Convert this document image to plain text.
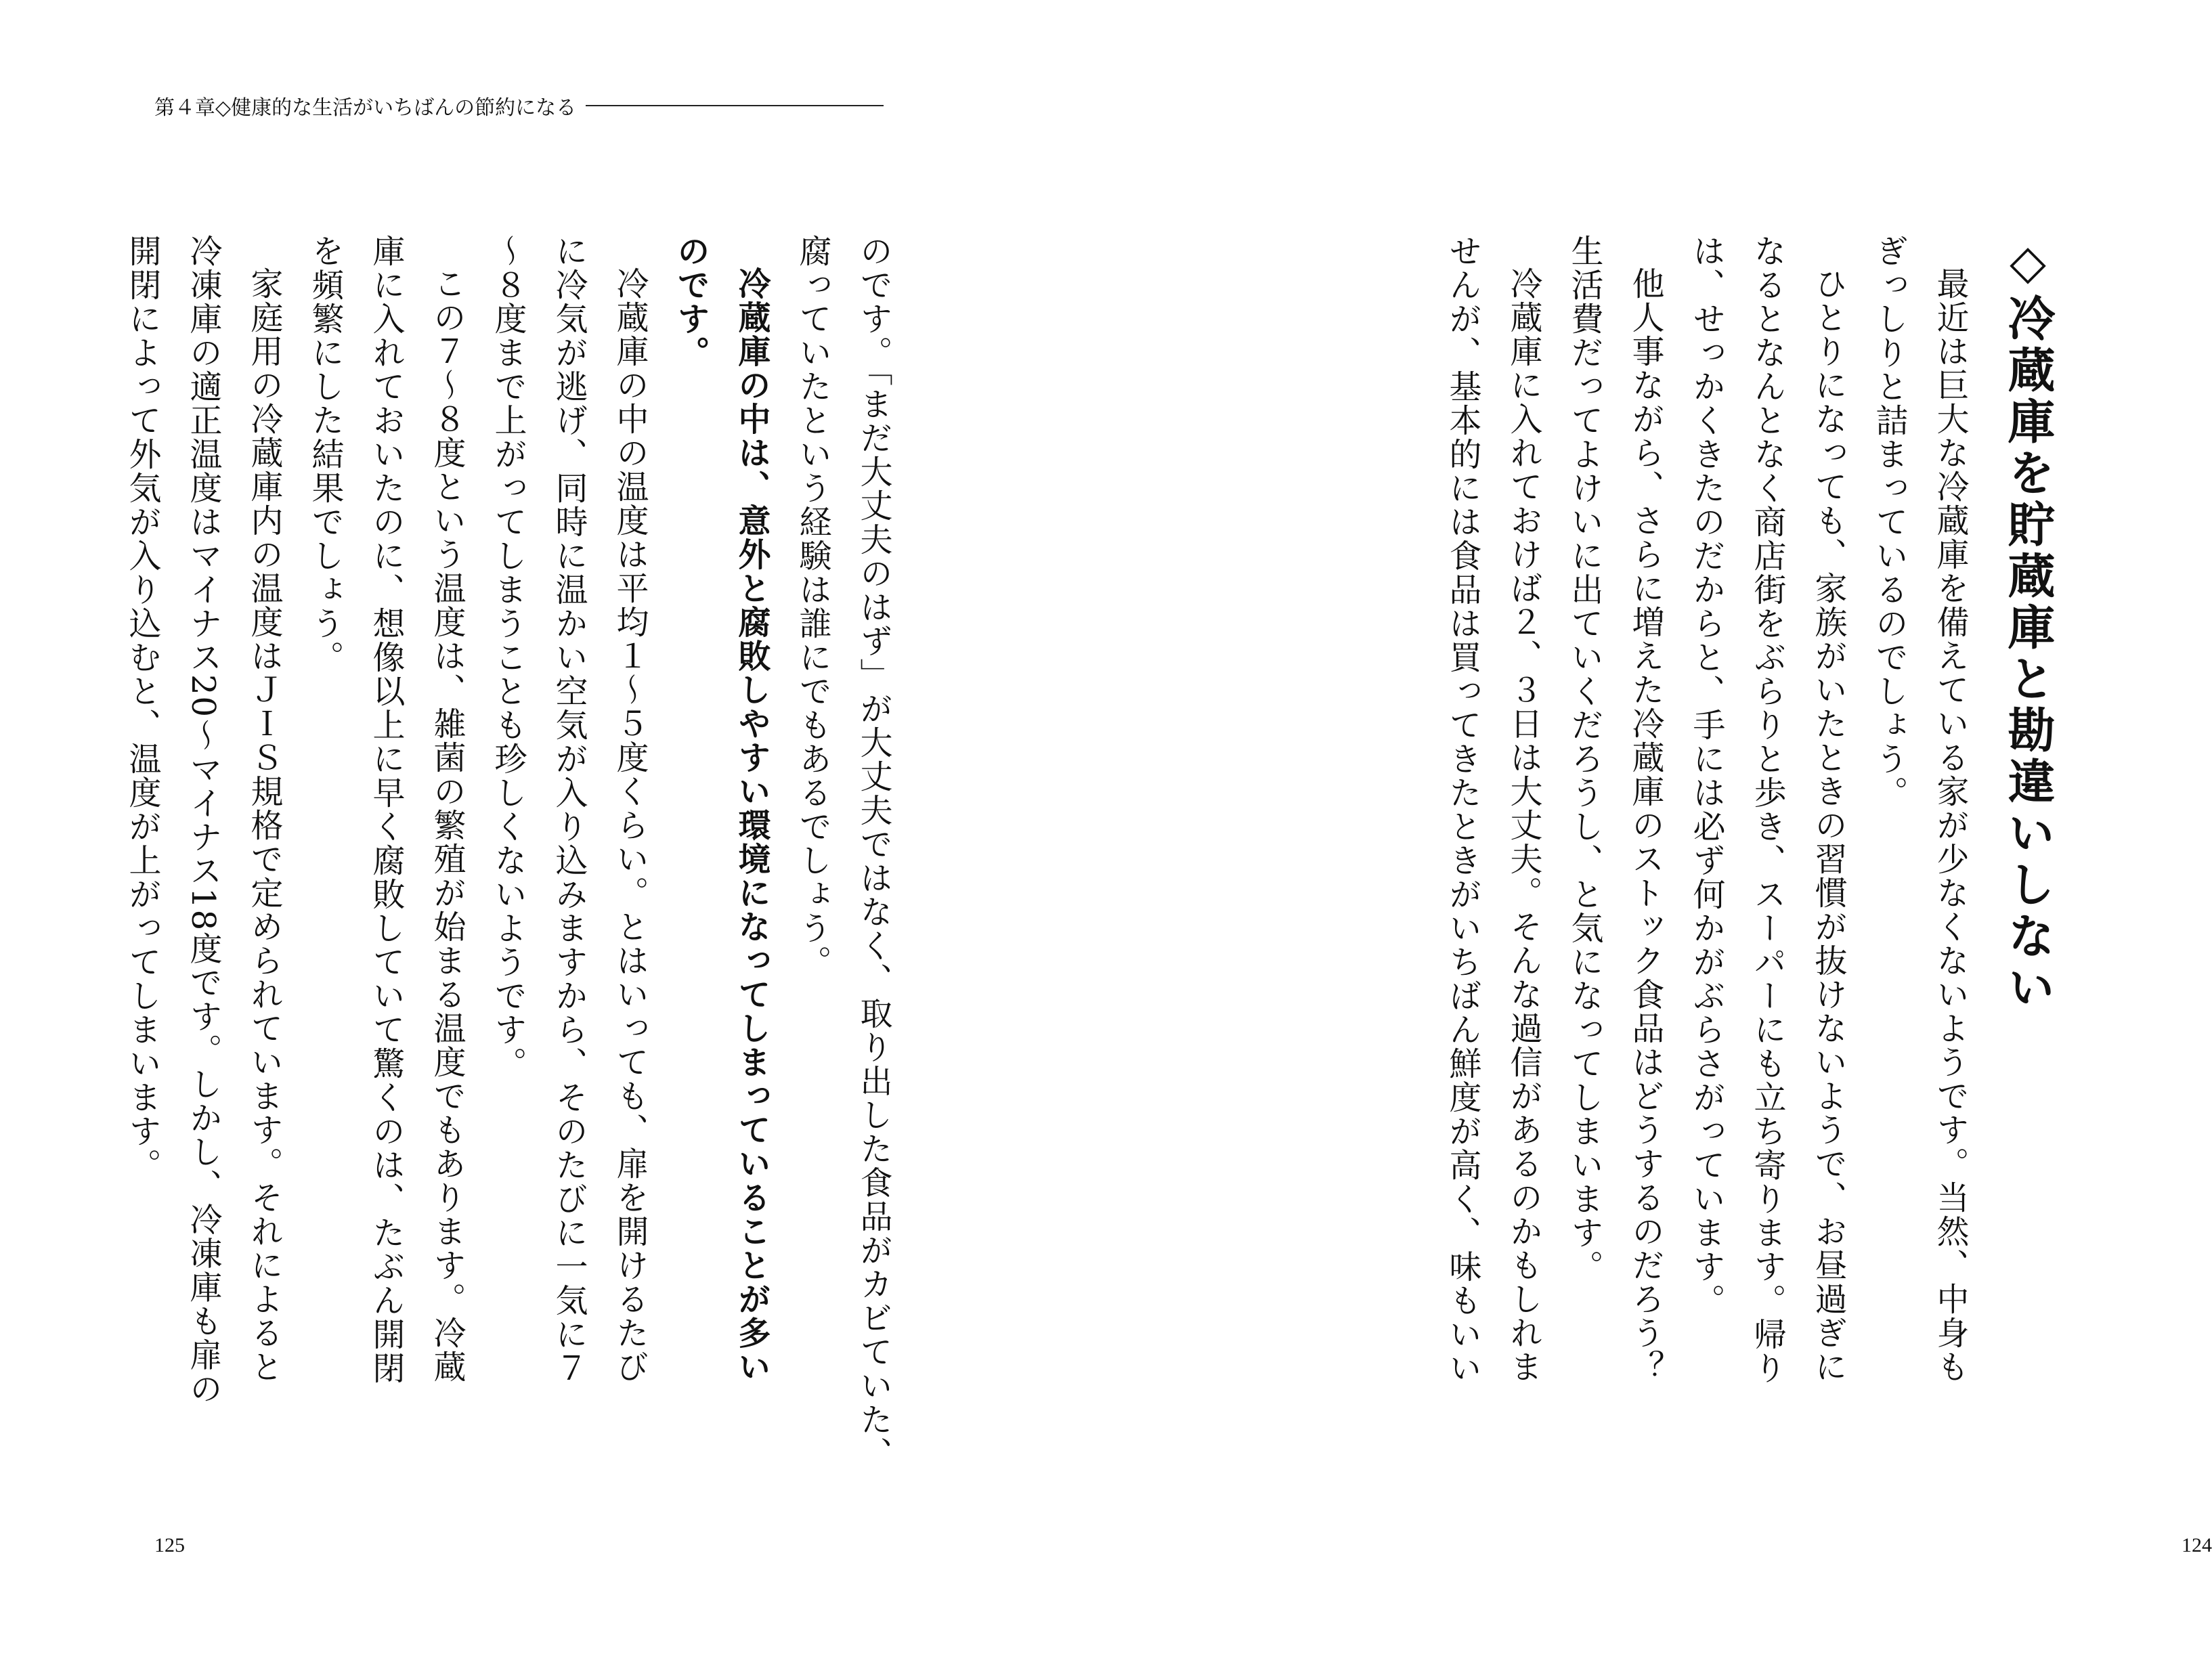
第４章◇健康的な生活がいちばんの節約になる
のです。「まだ大丈夫のはず」が大丈夫ではなく、取り出した食品がカビていた、
腐っていたという経験は誰にでもあるでしょう。
冷蔵庫の中は、意外と腐敗しやすい環境になってしまっていることが多い
のです。
冷蔵庫の中の温度は平均１〜５度くらい。とはいっても、扉を開けるたび
に冷気が逃げ、同時に温かい空気が入り込みますから、そのたびに一気に７
〜８度まで上がってしまうことも珍しくないようです。
この７〜８度という温度は、雑菌の繁殖が始まる温度でもあります。冷蔵
庫に入れておいたのに、想像以上に早く腐敗していて驚くのは、たぶん開閉
を頻繁にした結果でしょう。
家庭用の冷蔵庫内の温度はＪＩＳ規格で定められています。それによると
冷凍庫の適正温度はマイナス20〜マイナス18度です。しかし、冷凍庫も扉の
開閉によって外気が入り込むと、温度が上がってしまいます。
125
◇冷蔵庫を貯蔵庫と勘違いしない
最近は巨大な冷蔵庫を備えている家が少なくないようです。当然、中身も
ぎっしりと詰まっているのでしょう。
ひとりになっても、家族がいたときの習慣が抜けないようで、お昼過ぎに
なるとなんとなく商店街をぶらりと歩き、スーパーにも立ち寄ります。帰り
は、せっかくきたのだからと、手には必ず何かがぶらさがっています。
他人事ながら、さらに増えた冷蔵庫のストック食品はどうするのだろう？
生活費だってよけいに出ていくだろうし、と気になってしまいます。
冷蔵庫に入れておけば２、３日は大丈夫。そんな過信があるのかもしれま
せんが、基本的には食品は買ってきたときがいちばん鮮度が高く、味もいい
124
